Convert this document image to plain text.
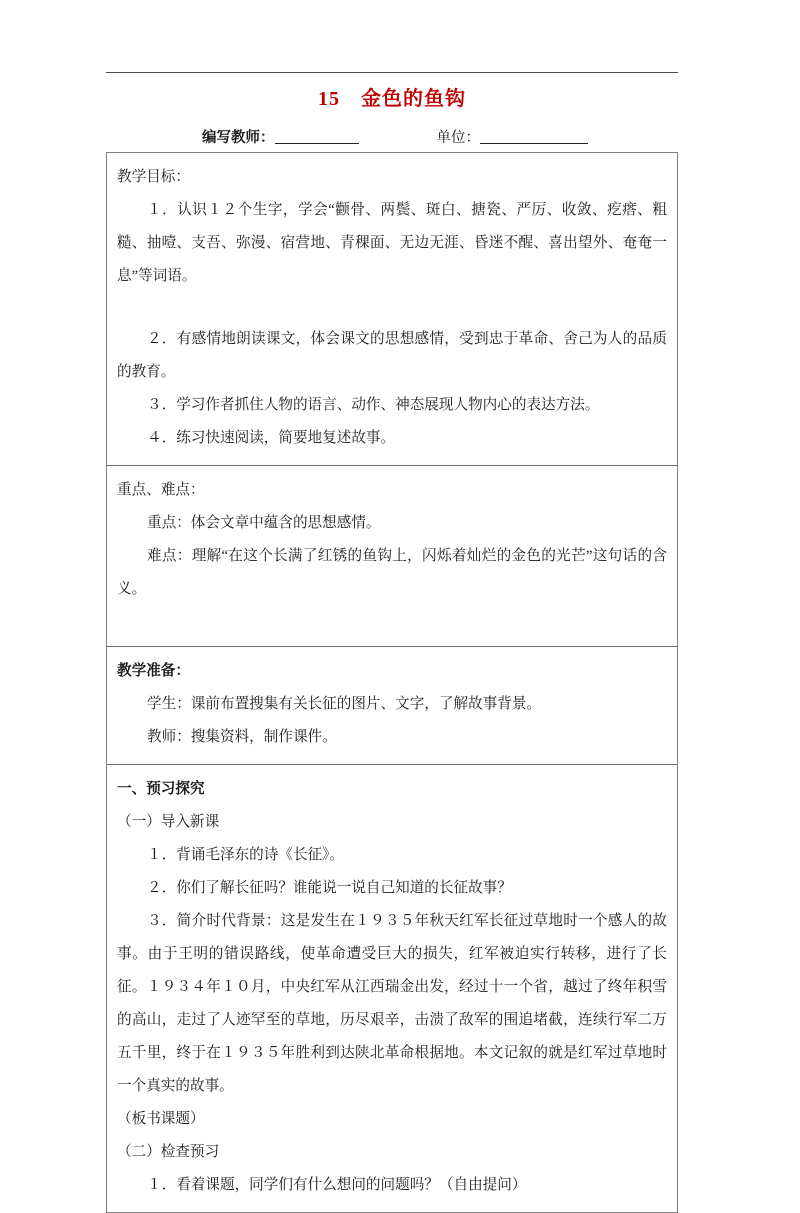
15　金色的鱼钩
编写教师：	单位：

教学目标：

１．认识１２个生字，学会“颧骨、两鬓、斑白、搪瓷、严厉、收敛、疙瘩、粗糙、抽噎、支吾、弥漫、宿营地、青稞面、无边无涯、昏迷不醒、喜出望外、奄奄一息”等词语。

２．有感情地朗读课文，体会课文的思想感情，受到忠于革命、舍己为人的品质的教育。

３．学习作者抓住人物的语言、动作、神态展现人物内心的表达方法。

４．练习快速阅读，简要地复述故事。

重点、难点：

重点：体会文章中蕴含的思想感情。

难点：理解“在这个长满了红锈的鱼钩上，闪烁着灿烂的金色的光芒”这句话的含义。

教学准备：

学生：课前布置搜集有关长征的图片、文字，了解故事背景。

教师：搜集资料，制作课件。

一、预习探究

（一）导入新课

１．背诵毛泽东的诗《长征》。

２．你们了解长征吗？谁能说一说自己知道的长征故事？

３．简介时代背景：这是发生在１９３５年秋天红军长征过草地时一个感人的故事。由于王明的错误路线，使革命遭受巨大的损失，红军被迫实行转移，进行了长征。１９３４年１０月，中央红军从江西瑞金出发，经过十一个省，越过了终年积雪的高山，走过了人迹罕至的草地，历尽艰辛，击溃了敌军的围追堵截，连续行军二万五千里，终于在１９３５年胜利到达陕北革命根据地。本文记叙的就是红军过草地时一个真实的故事。

（板书课题）

（二）检查预习

１．看着课题，同学们有什么想问的问题吗？（自由提问）
